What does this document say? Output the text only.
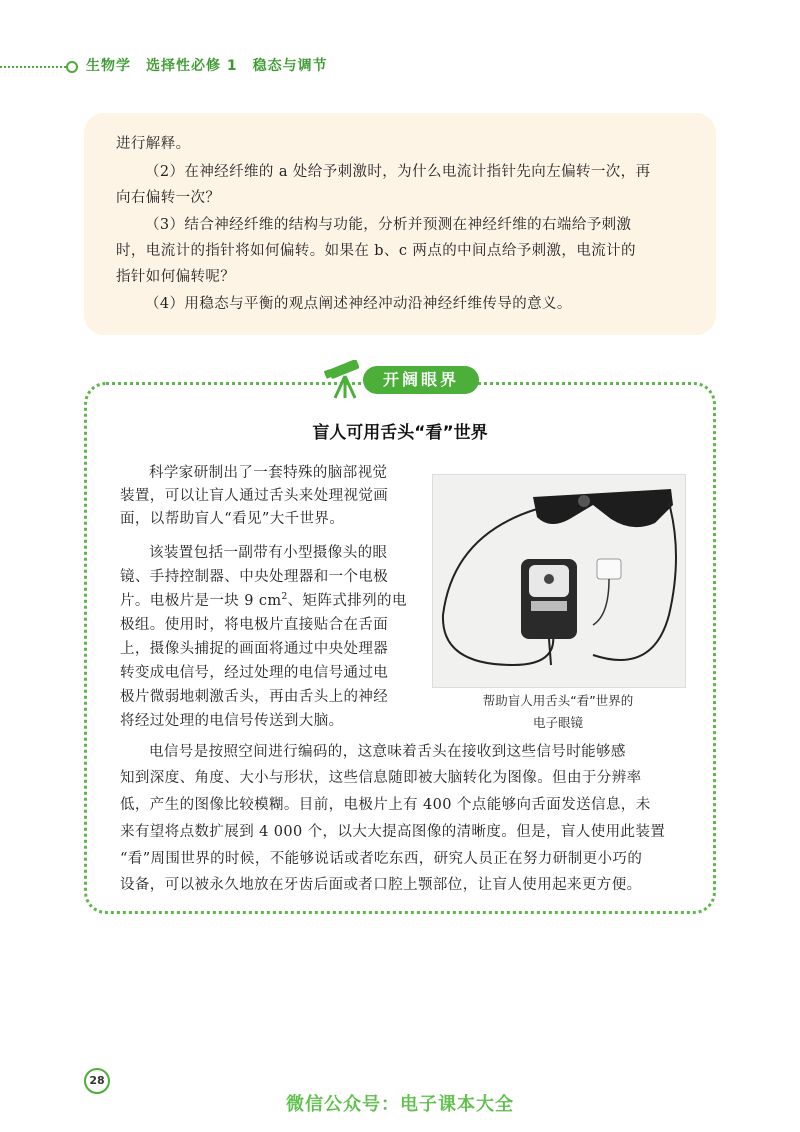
生物学　选择性必修 1　稳态与调节

进行解释。

（2）在神经纤维的 a 处给予刺激时，为什么电流计指针先向左偏转一次，再

向右偏转一次？

（3）结合神经纤维的结构与功能，分析并预测在神经纤维的右端给予刺激

时，电流计的指针将如何偏转。如果在 b、c 两点的中间点给予刺激，电流计的

指针如何偏转呢？

（4）用稳态与平衡的观点阐述神经冲动沿神经纤维传导的意义。

开阔眼界
盲人可用舌头“看”世界

科学家研制出了一套特殊的脑部视觉

装置，可以让盲人通过舌头来处理视觉画

面，以帮助盲人“看见”大千世界。

该装置包括一副带有小型摄像头的眼

镜、手持控制器、中央处理器和一个电极

片。电极片是一块 9 $cm^2$、矩阵式排列的电

极组。使用时，将电极片直接贴合在舌面

上，摄像头捕捉的画面将通过中央处理器

转变成电信号，经过处理的电信号通过电

极片微弱地刺激舌头，再由舌头上的神经

将经过处理的电信号传送到大脑。

帮助盲人用舌头“看”世界的
电子眼镜

电信号是按照空间进行编码的，这意味着舌头在接收到这些信号时能够感

知到深度、角度、大小与形状，这些信息随即被大脑转化为图像。但由于分辨率

低，产生的图像比较模糊。目前，电极片上有 400 个点能够向舌面发送信息，未

来有望将点数扩展到 4 000 个，以大大提高图像的清晰度。但是，盲人使用此装置

“看”周围世界的时候，不能够说话或者吃东西，研究人员正在努力研制更小巧的

设备，可以被永久地放在牙齿后面或者口腔上颚部位，让盲人使用起来更方便。

28
微信公众号：电子课本大全
